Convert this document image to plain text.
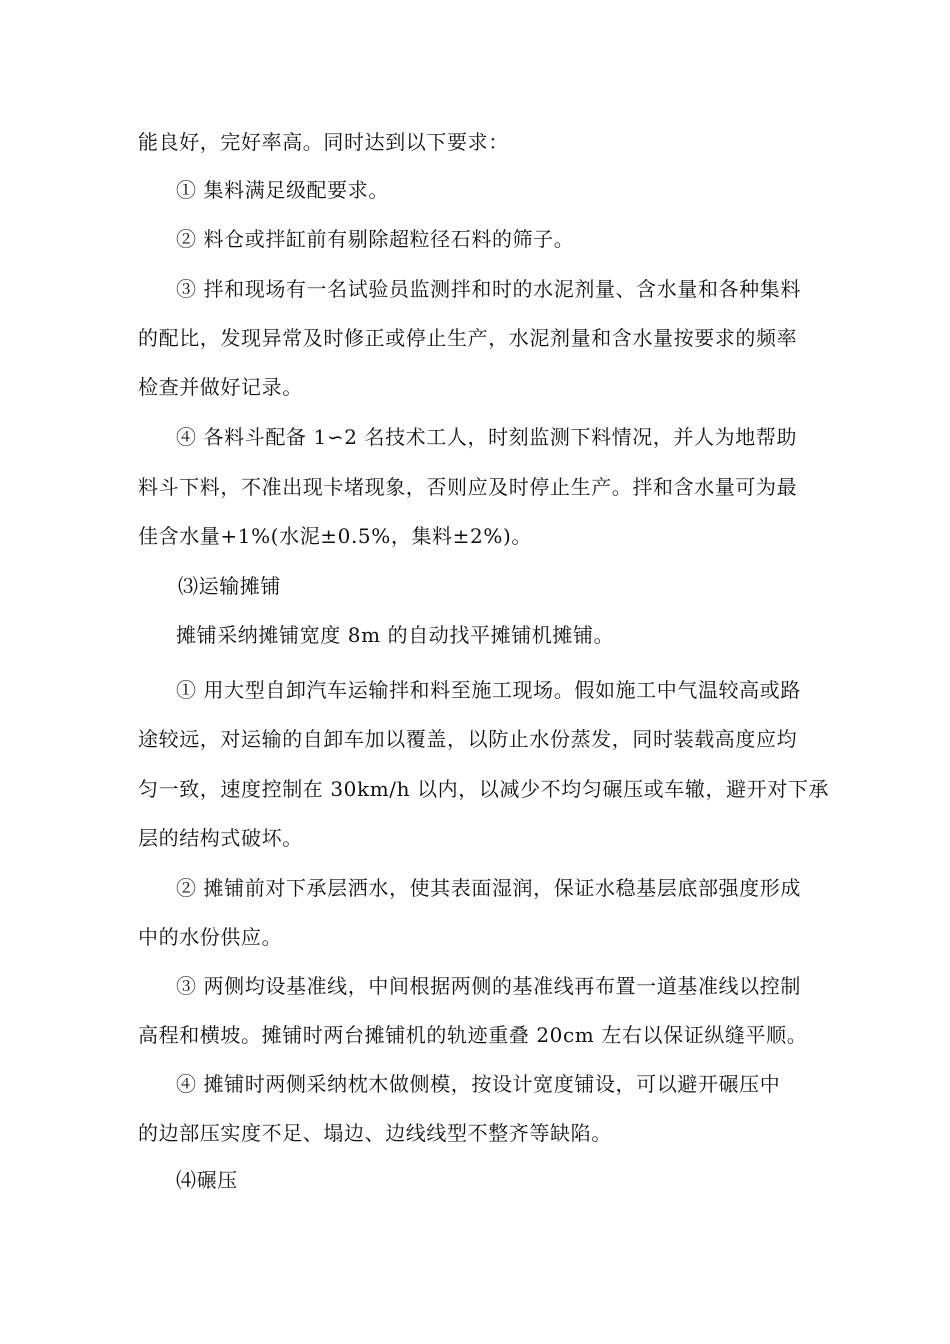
能良好，完好率高。同时达到以下要求：
① 集料满足级配要求。
② 料仓或拌缸前有剔除超粒径石料的筛子。
③ 拌和现场有一名试验员监测拌和时的水泥剂量、含水量和各种集料
的配比，发现异常及时修正或停止生产，水泥剂量和含水量按要求的频率
检查并做好记录。
④ 各料斗配备 1∽2 名技术工人，时刻监测下料情况，并人为地帮助
料斗下料，不准出现卡堵现象，否则应及时停止生产。拌和含水量可为最
佳含水量+1%(水泥±0.5%，集料±2%)。
⑶运输摊铺
摊铺采纳摊铺宽度 8m 的自动找平摊铺机摊铺。
① 用大型自卸汽车运输拌和料至施工现场。假如施工中气温较高或路
途较远，对运输的自卸车加以覆盖，以防止水份蒸发，同时装载高度应均
匀一致，速度控制在 30km/h 以内，以减少不均匀碾压或车辙，避开对下承
层的结构式破坏。
② 摊铺前对下承层洒水，使其表面湿润，保证水稳基层底部强度形成
中的水份供应。
③ 两侧均设基准线，中间根据两侧的基准线再布置一道基准线以控制
高程和横坡。摊铺时两台摊铺机的轨迹重叠 20cm 左右以保证纵缝平顺。
④ 摊铺时两侧采纳枕木做侧模，按设计宽度铺设，可以避开碾压中
的边部压实度不足、塌边、边线线型不整齐等缺陷。
⑷碾压
